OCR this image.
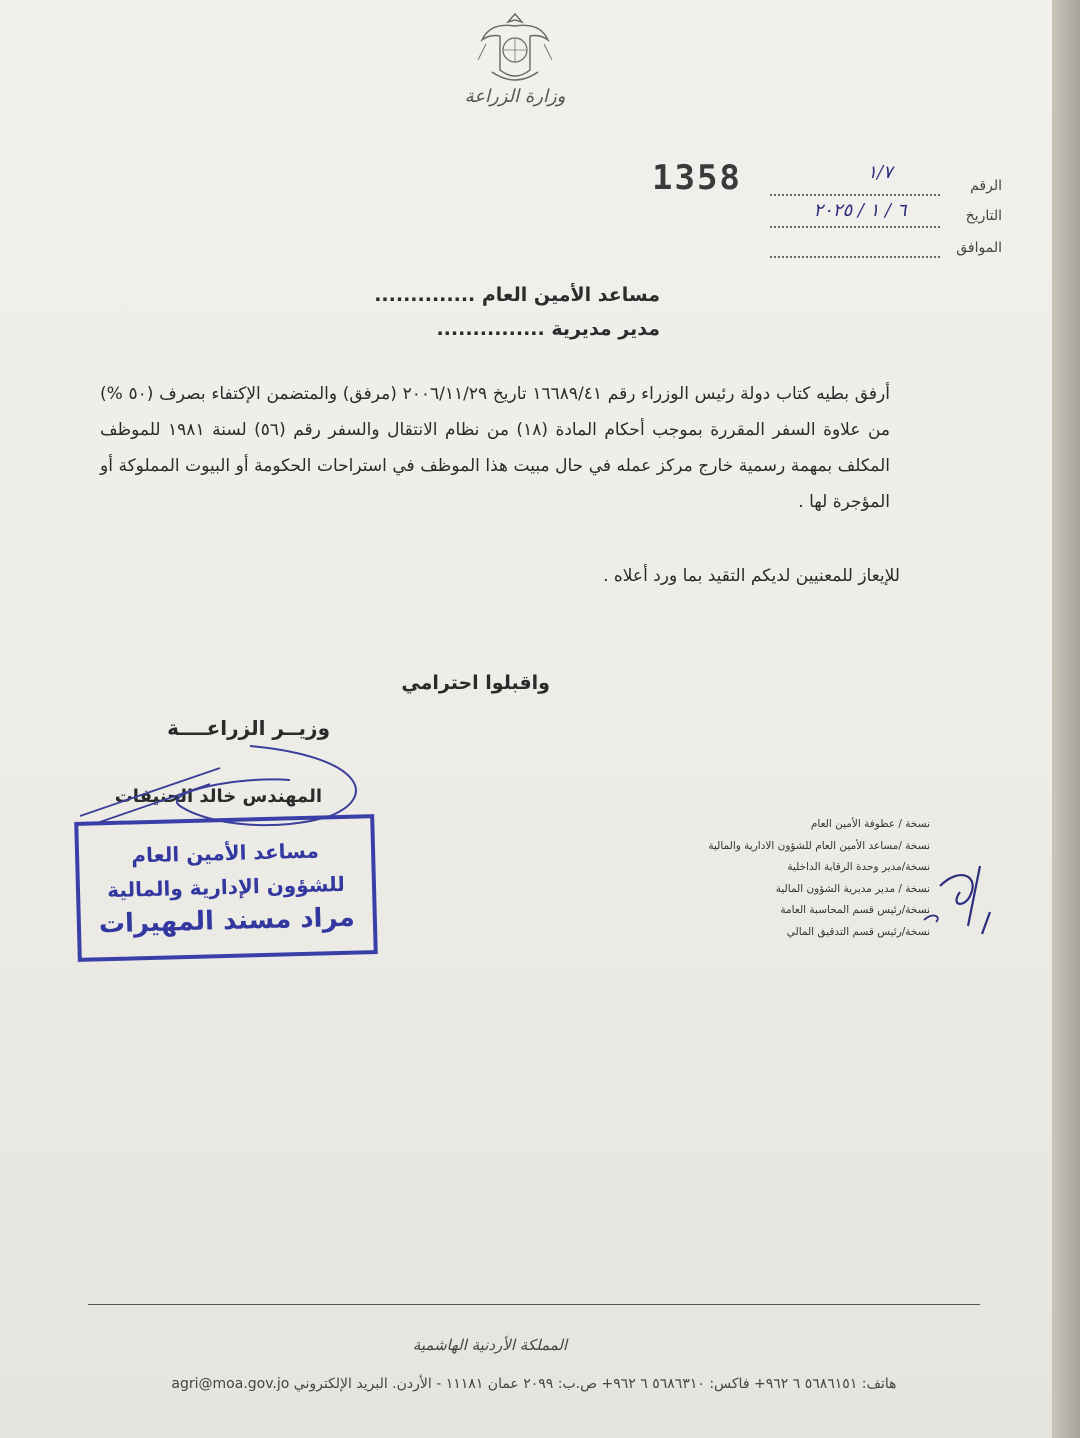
وزارة الزراعة
1358	الرقم
١/٧
التاريخ
٦ / ١ / ٢٠٢٥
الموافق
مساعد الأمين العام ..............
مدير مديرية ...............
أرفق بطيه كتاب دولة رئيس الوزراء رقم ١٦٦٨٩/٤١ تاريخ ٢٠٠٦/١١/٢٩ (مرفق) والمتضمن الإكتفاء بصرف (٥٠ %) من علاوة السفر المقررة بموجب أحكام المادة (١٨) من نظام الانتقال والسفر رقم (٥٦) لسنة ١٩٨١ للموظف المكلف بمهمة رسمية خارج مركز عمله في حال مبيت هذا الموظف في استراحات الحكومة أو البيوت المملوكة أو المؤجرة لها .
للإيعاز للمعنيين لديكم التقيد بما ورد أعلاه .
واقبلوا احترامي
وزيــر الزراعــــة
المهندس خالد الحنيفات
مساعد الأمين العام
للشؤون الإدارية والمالية
مراد مسند المهيرات
نسخة / عطوفة الأمين العام
نسخة /مساعد الأمين العام للشؤون الادارية والمالية
نسخة/مدير وحدة الرقابة الداخلية
نسخة / مدير مديرية الشؤون المالية
نسخة/رئيس قسم المحاسبة العامة
نسخة/رئيس قسم التدقيق المالي
المملكة الأردنية الهاشمية
هاتف: ٥٦٨٦١٥١ ٦ ٩٦٢+ فاكس: ٥٦٨٦٣١٠ ٦ ٩٦٢+ ص.ب: ٢٠٩٩ عمان ١١١٨١ - الأردن. البريد الإلكتروني agri@moa.gov.jo
